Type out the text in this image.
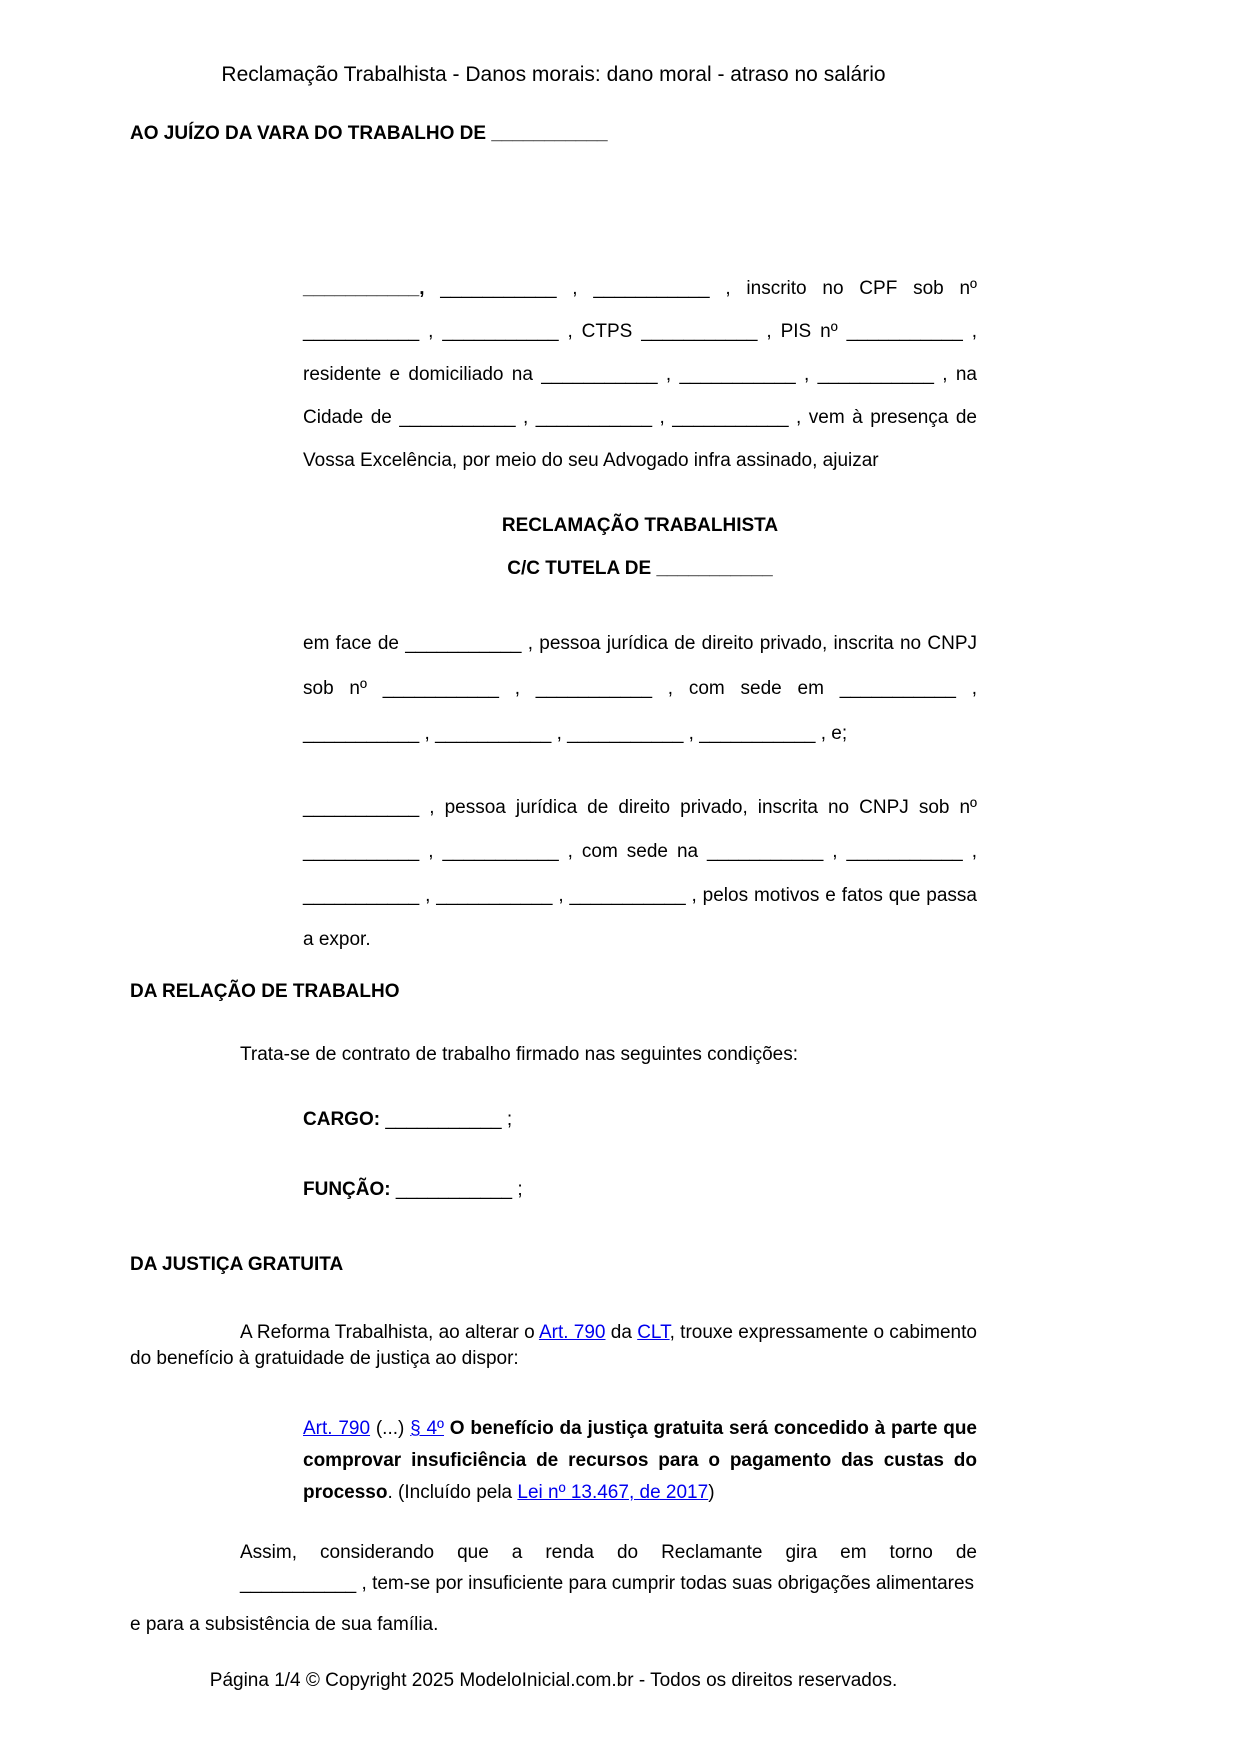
Reclamação Trabalhista - Danos morais: dano moral - atraso no salário
AO JUÍZO DA VARA DO TRABALHO DE ___________

___________, ___________ , ___________ , inscrito no CPF sob nº ___________ , ___________ , CTPS ___________ , PIS nº ___________ , residente e domiciliado na ___________ , ___________ , ___________ , na Cidade de ___________ , ___________ , ___________ , vem à presença de Vossa Excelência, por meio do seu Advogado infra assinado, ajuizar

RECLAMAÇÃO TRABALHISTA
C/C TUTELA DE ___________

em face de ___________ , pessoa jurídica de direito privado, inscrita no CNPJ sob nº ___________ , ___________ , com sede em ___________ , ___________ , ___________ , ___________ , ___________ , e;

___________ , pessoa jurídica de direito privado, inscrita no CNPJ sob nº ___________ , ___________ , com sede na ___________ , ___________ , ___________ , ___________ , ___________ , pelos motivos e fatos que passa a expor.

DA RELAÇÃO DE TRABALHO
Trata-se de contrato de trabalho firmado nas seguintes condições:
CARGO: ___________ ;
FUNÇÃO: ___________ ;
DA JUSTIÇA GRATUITA

A Reforma Trabalhista, ao alterar o Art. 790 da CLT, trouxe expressamente o cabimento do benefício à gratuidade de justiça ao dispor:

Art. 790 (...) § 4º O benefício da justiça gratuita será concedido à parte que comprovar insuficiência de recursos para o pagamento das custas do processo. (Incluído pela Lei nº 13.467, de 2017)

Assim, considerando que a renda do Reclamante gira em torno de
___________ , tem-se por insuficiente para cumprir todas suas obrigações alimentares
e para a subsistência de sua família.
Página 1/4 © Copyright 2025 ModeloInicial.com.br - Todos os direitos reservados.
